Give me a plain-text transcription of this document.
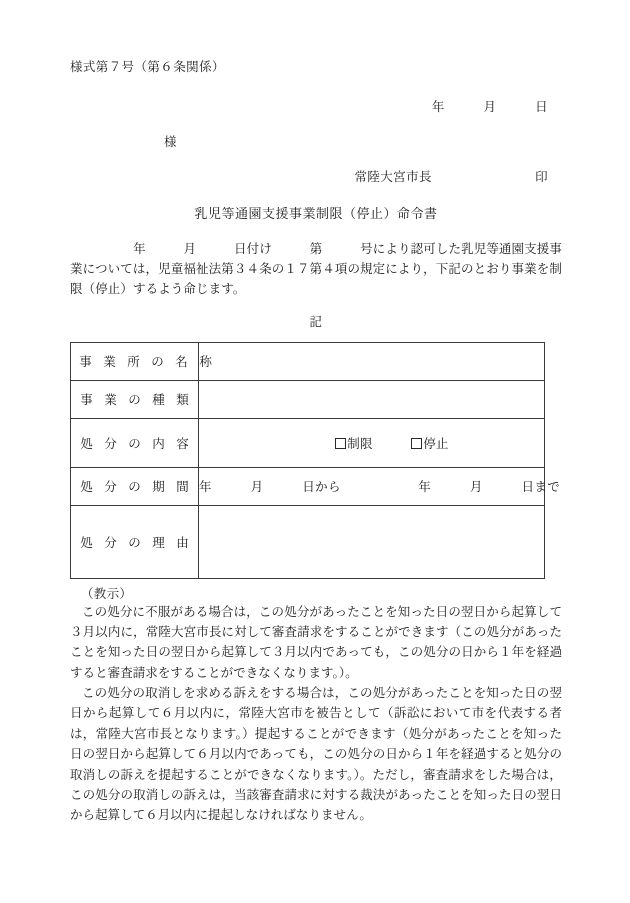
様式第７号（第６条関係）
年　　　月　　　日
様
常陸大宮市長　　　　　　　　印
乳児等通園支援事業制限（停止）命令書
　　　　　年　　　月　　　日付け　　　第　　　号により認可した乳児等通園支援事業については，児童福祉法第３４条の１７第４項の規定により，下記のとおり事業を制限（停止）するよう命じます。
記
事 業 所 の 名 称	
事 業 の 種 類	
処 分 の 内 容	制限　　　 停止

処 分 の 期 間	年　　　月　　　日から　　　　　　年　　　月　　　日まで
処 分 の 理 由	
（教示）
この処分に不服がある場合は，この処分があったことを知った日の翌日から起算して３月以内に，常陸大宮市長に対して審査請求をすることができます（この処分があったことを知った日の翌日から起算して３月以内であっても，この処分の日から１年を経過すると審査請求をすることができなくなります。）。
この処分の取消しを求める訴えをする場合は，この処分があったことを知った日の翌日から起算して６月以内に，常陸大宮市を被告として（訴訟において市を代表する者は，常陸大宮市長となります。）提起することができます（処分があったことを知った日の翌日から起算して６月以内であっても，この処分の日から１年を経過すると処分の取消しの訴えを提起することができなくなります。）。ただし，審査請求をした場合は，この処分の取消しの訴えは，当該審査請求に対する裁決があったことを知った日の翌日から起算して６月以内に提起しなければなりません。
